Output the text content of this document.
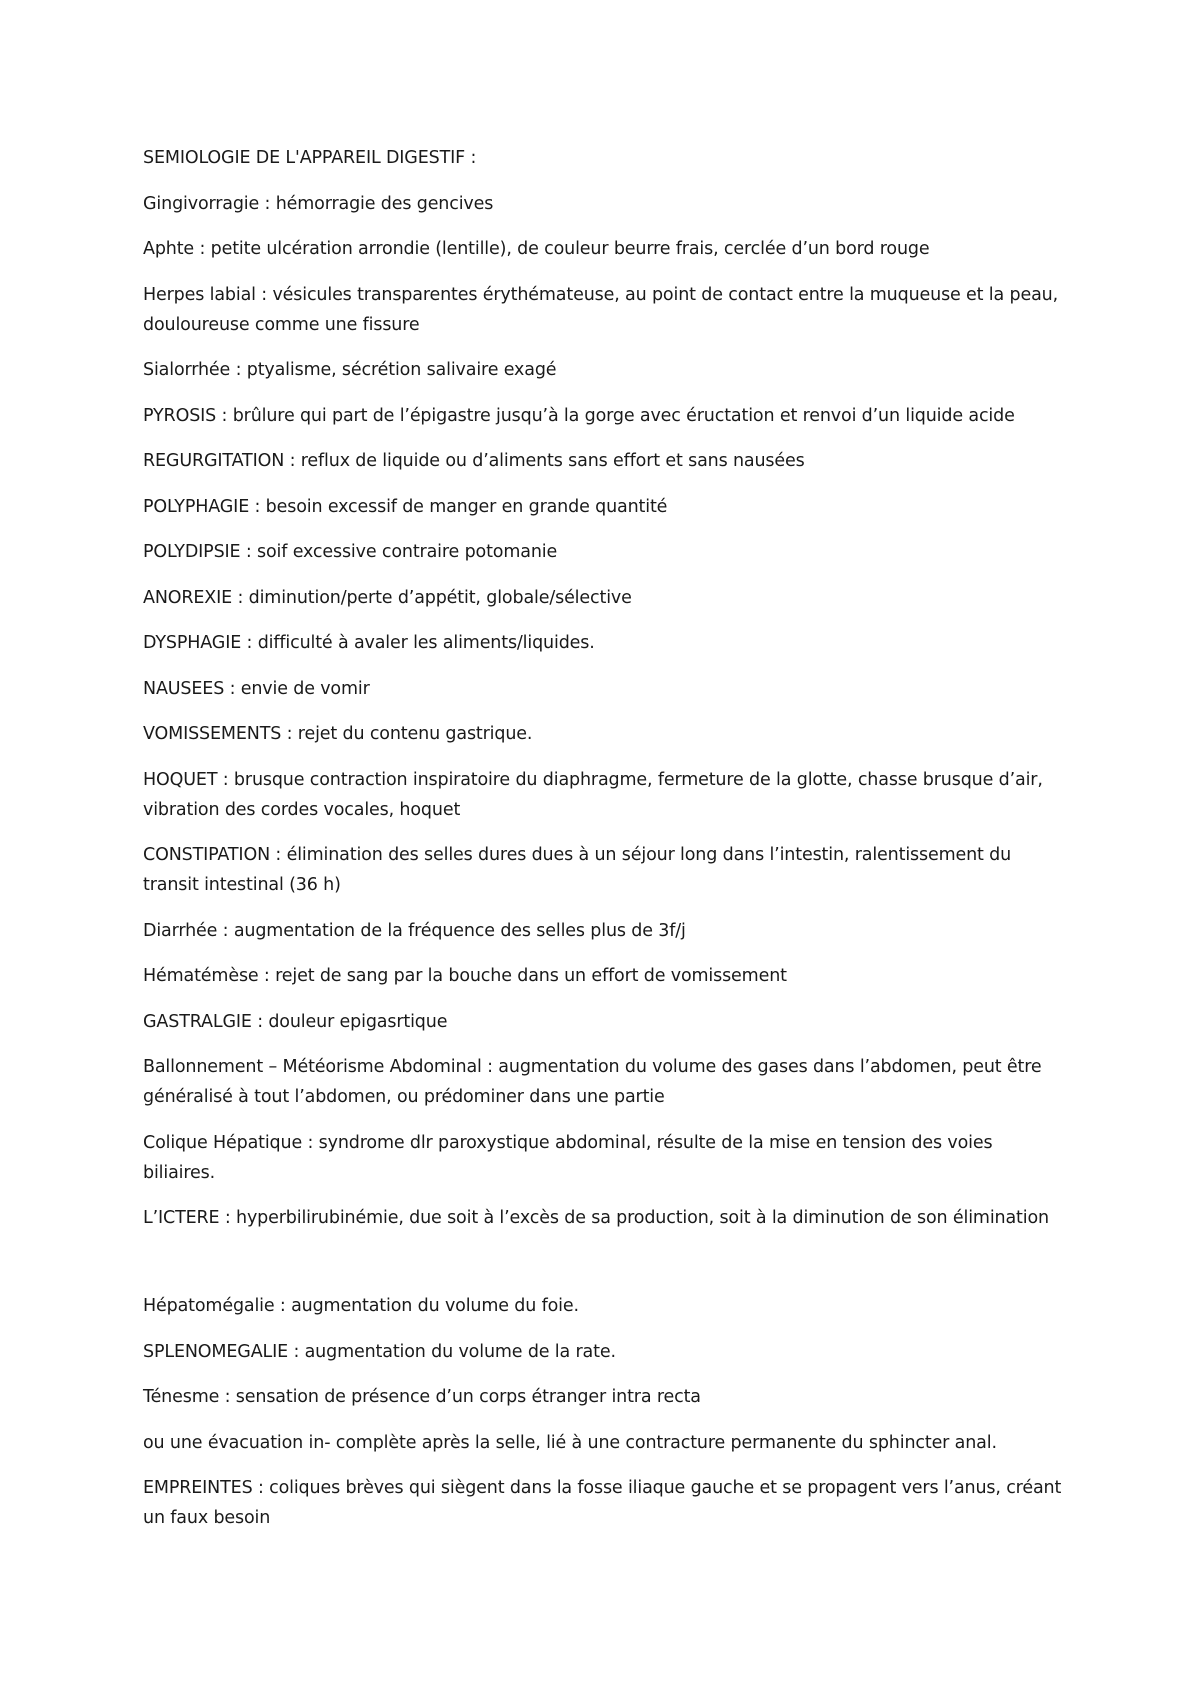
SEMIOLOGIE DE L'APPAREIL DIGESTIF :

Gingivorragie : hémorragie des gencives

Aphte : petite ulcération arrondie (lentille), de couleur beurre frais, cerclée d’un bord rouge

Herpes labial : vésicules transparentes érythémateuse, au point de contact entre la muqueuse et la peau, douloureuse comme une fissure

Sialorrhée : ptyalisme, sécrétion salivaire exagé

PYROSIS : brûlure qui part de l’épigastre jusqu’à la gorge avec éructation et renvoi d’un liquide acide

REGURGITATION : reflux de liquide ou d’aliments sans effort et sans nausées

POLYPHAGIE : besoin excessif de manger en grande quantité

POLYDIPSIE : soif excessive contraire potomanie

ANOREXIE : diminution/perte d’appétit, globale/sélective

DYSPHAGIE : difficulté à avaler les aliments/liquides.

NAUSEES : envie de vomir

VOMISSEMENTS : rejet du contenu gastrique.

HOQUET : brusque contraction inspiratoire du diaphragme, fermeture de la glotte, chasse brusque d’air, vibration des cordes vocales, hoquet

CONSTIPATION : élimination des selles dures dues à un séjour long dans l’intestin, ralentissement du transit intestinal (36 h)

Diarrhée : augmentation de la fréquence des selles plus de 3f/j

Hématémèse : rejet de sang par la bouche dans un effort de vomissement

GASTRALGIE : douleur epigasrtique

Ballonnement – Météorisme Abdominal : augmentation du volume des gases dans l’abdomen, peut être généralisé à tout l’abdomen, ou prédominer dans une partie

Colique Hépatique : syndrome dlr paroxystique abdominal, résulte de la mise en tension des voies biliaires.

L’ICTERE : hyperbilirubinémie, due soit à l’excès de sa production, soit à la diminution de son élimination

Hépatomégalie : augmentation du volume du foie.

SPLENOMEGALIE : augmentation du volume de la rate.

Ténesme : sensation de présence d’un corps étranger intra recta

ou une évacuation in- complète après la selle, lié à une contracture permanente du sphincter anal.

EMPREINTES : coliques brèves qui siègent dans la fosse iliaque gauche et se propagent vers l’anus, créant un faux besoin
